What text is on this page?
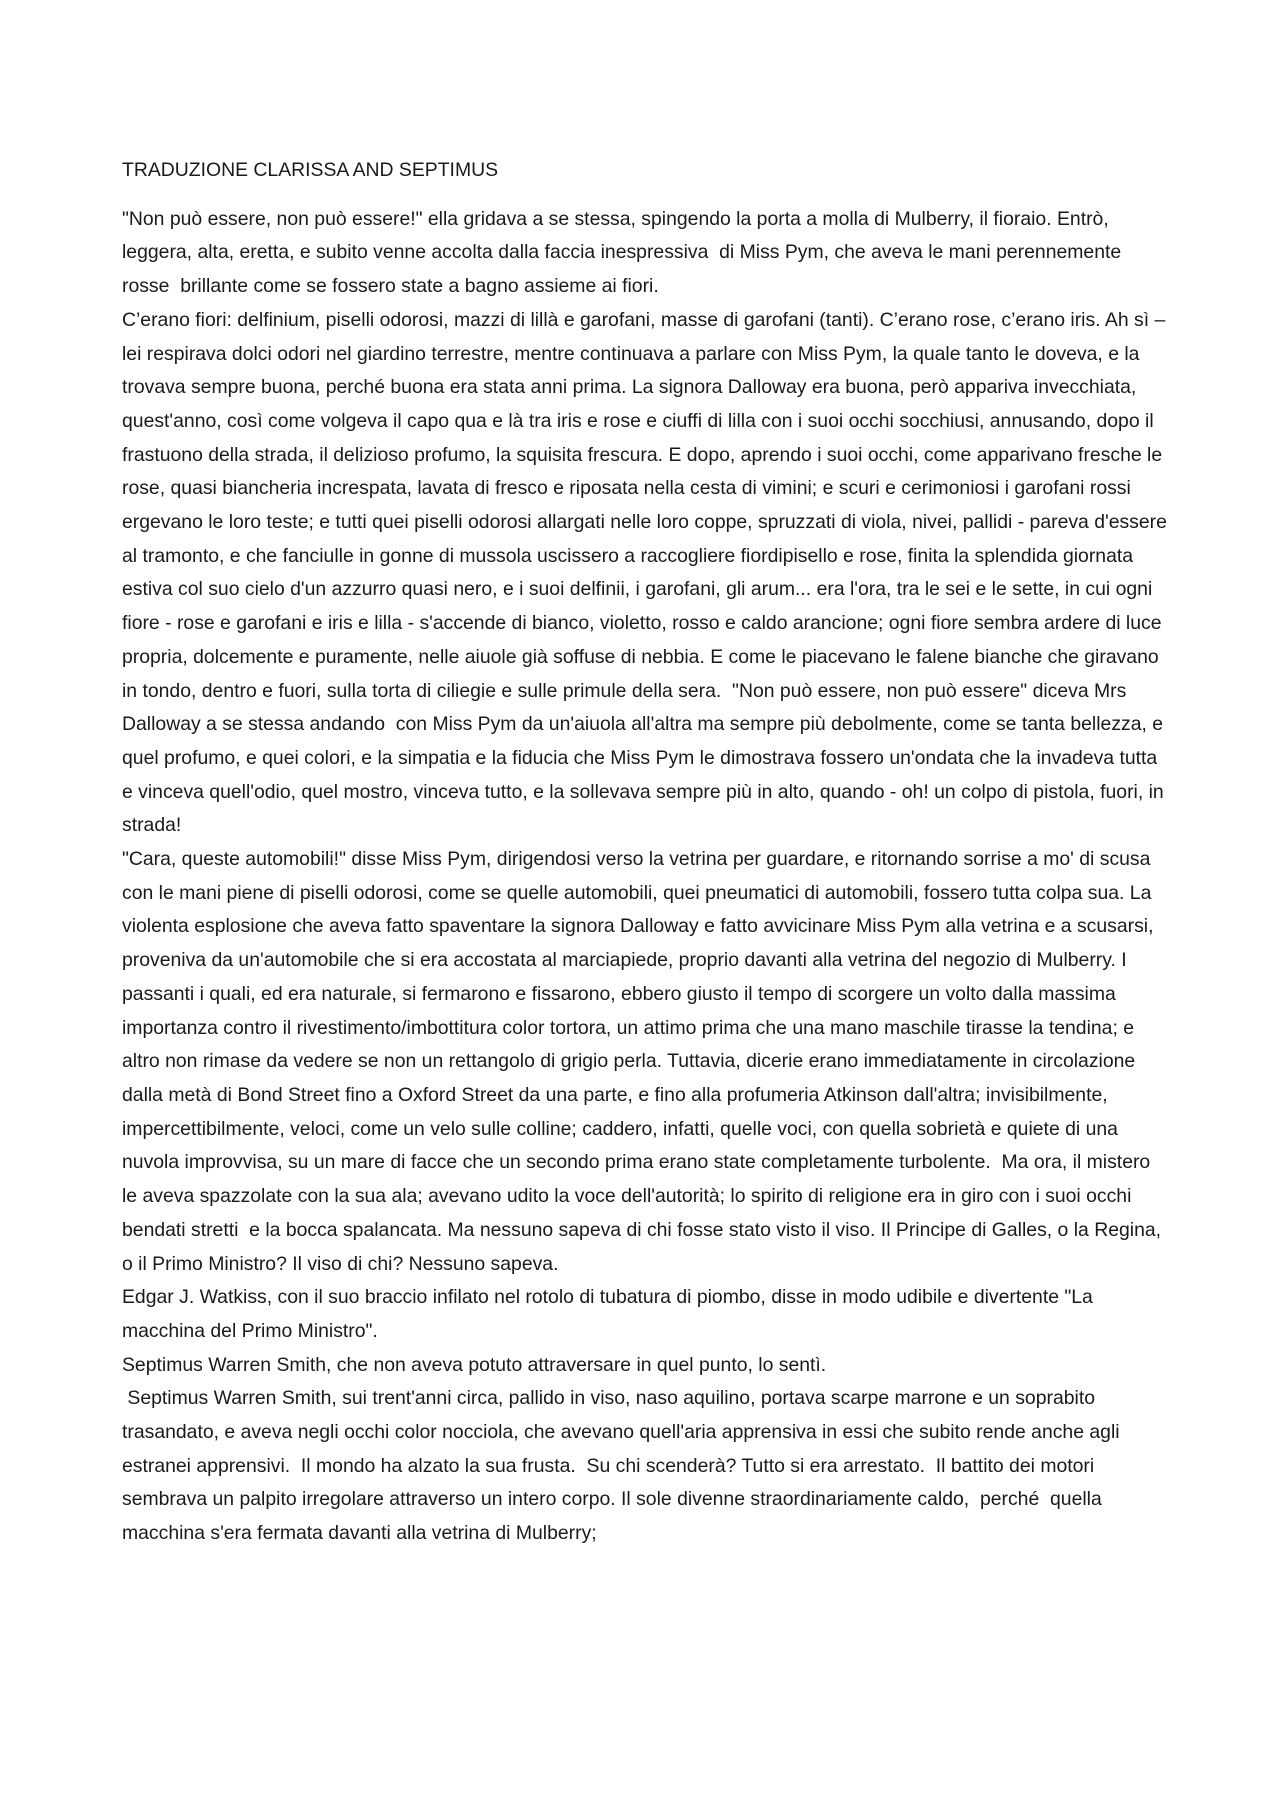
TRADUZIONE CLARISSA AND SEPTIMUS

"Non può essere, non può essere!" ella gridava a se stessa, spingendo la porta a molla di Mulberry, il fioraio. Entrò, leggera, alta, eretta, e subito venne accolta dalla faccia inespressiva  di Miss Pym, che aveva le mani perennemente rosse  brillante come se fossero state a bagno assieme ai fiori.

C’erano fiori: delfinium, piselli odorosi, mazzi di lillà e garofani, masse di garofani (tanti). C’erano rose, c’erano iris. Ah sì –lei respirava dolci odori nel giardino terrestre, mentre continuava a parlare con Miss Pym, la quale tanto le doveva, e la trovava sempre buona, perché buona era stata anni prima. La signora Dalloway era buona, però appariva invecchiata, quest'anno, così come volgeva il capo qua e là tra iris e rose e ciuffi di lilla con i suoi occhi socchiusi, annusando, dopo il frastuono della strada, il delizioso profumo, la squisita frescura. E dopo, aprendo i suoi occhi, come apparivano fresche le rose, quasi biancheria increspata, lavata di fresco e riposata nella cesta di vimini; e scuri e cerimoniosi i garofani rossi ergevano le loro teste; e tutti quei piselli odorosi allargati nelle loro coppe, spruzzati di viola, nivei, pallidi - pareva d'essere al tramonto, e che fanciulle in gonne di mussola uscissero a raccogliere fiordipisello e rose, finita la splendida giornata estiva col suo cielo d'un azzurro quasi nero, e i suoi delfinii, i garofani, gli arum... era l'ora, tra le sei e le sette, in cui ogni fiore - rose e garofani e iris e lilla - s'accende di bianco, violetto, rosso e caldo arancione; ogni fiore sembra ardere di luce propria, dolcemente e puramente, nelle aiuole già soffuse di nebbia. E come le piacevano le falene bianche che giravano in tondo, dentro e fuori, sulla torta di ciliegie e sulle primule della sera.  "Non può essere, non può essere" diceva Mrs Dalloway a se stessa andando  con Miss Pym da un'aiuola all'altra ma sempre più debolmente, come se tanta bellezza, e quel profumo, e quei colori, e la simpatia e la fiducia che Miss Pym le dimostrava fossero un'ondata che la invadeva tutta e vinceva quell'odio, quel mostro, vinceva tutto, e la sollevava sempre più in alto, quando - oh! un colpo di pistola, fuori, in strada!

"Cara, queste automobili!" disse Miss Pym, dirigendosi verso la vetrina per guardare, e ritornando sorrise a mo' di scusa con le mani piene di piselli odorosi, come se quelle automobili, quei pneumatici di automobili, fossero tutta colpa sua. La violenta esplosione che aveva fatto spaventare la signora Dalloway e fatto avvicinare Miss Pym alla vetrina e a scusarsi, proveniva da un'automobile che si era accostata al marciapiede, proprio davanti alla vetrina del negozio di Mulberry. I passanti i quali, ed era naturale, si fermarono e fissarono, ebbero giusto il tempo di scorgere un volto dalla massima importanza contro il rivestimento/imbottitura color tortora, un attimo prima che una mano maschile tirasse la tendina; e altro non rimase da vedere se non un rettangolo di grigio perla. Tuttavia, dicerie erano immediatamente in circolazione dalla metà di Bond Street fino a Oxford Street da una parte, e fino alla profumeria Atkinson dall'altra; invisibilmente, impercettibilmente, veloci, come un velo sulle colline; caddero, infatti, quelle voci, con quella sobrietà e quiete di una nuvola improvvisa, su un mare di facce che un secondo prima erano state completamente turbolente.  Ma ora, il mistero le aveva spazzolate con la sua ala; avevano udito la voce dell'autorità; lo spirito di religione era in giro con i suoi occhi bendati stretti  e la bocca spalancata. Ma nessuno sapeva di chi fosse stato visto il viso. Il Principe di Galles, o la Regina, o il Primo Ministro? Il viso di chi? Nessuno sapeva.

Edgar J. Watkiss, con il suo braccio infilato nel rotolo di tubatura di piombo, disse in modo udibile e divertente "La macchina del Primo Ministro".

Septimus Warren Smith, che non aveva potuto attraversare in quel punto, lo sentì.

Septimus Warren Smith, sui trent'anni circa, pallido in viso, naso aquilino, portava scarpe marrone e un soprabito trasandato, e aveva negli occhi color nocciola, che avevano quell'aria apprensiva in essi che subito rende anche agli estranei apprensivi.  Il mondo ha alzato la sua frusta.  Su chi scenderà? Tutto si era arrestato.  Il battito dei motori sembrava un palpito irregolare attraverso un intero corpo. Il sole divenne straordinariamente caldo,  perché  quella macchina s'era fermata davanti alla vetrina di Mulberry;
